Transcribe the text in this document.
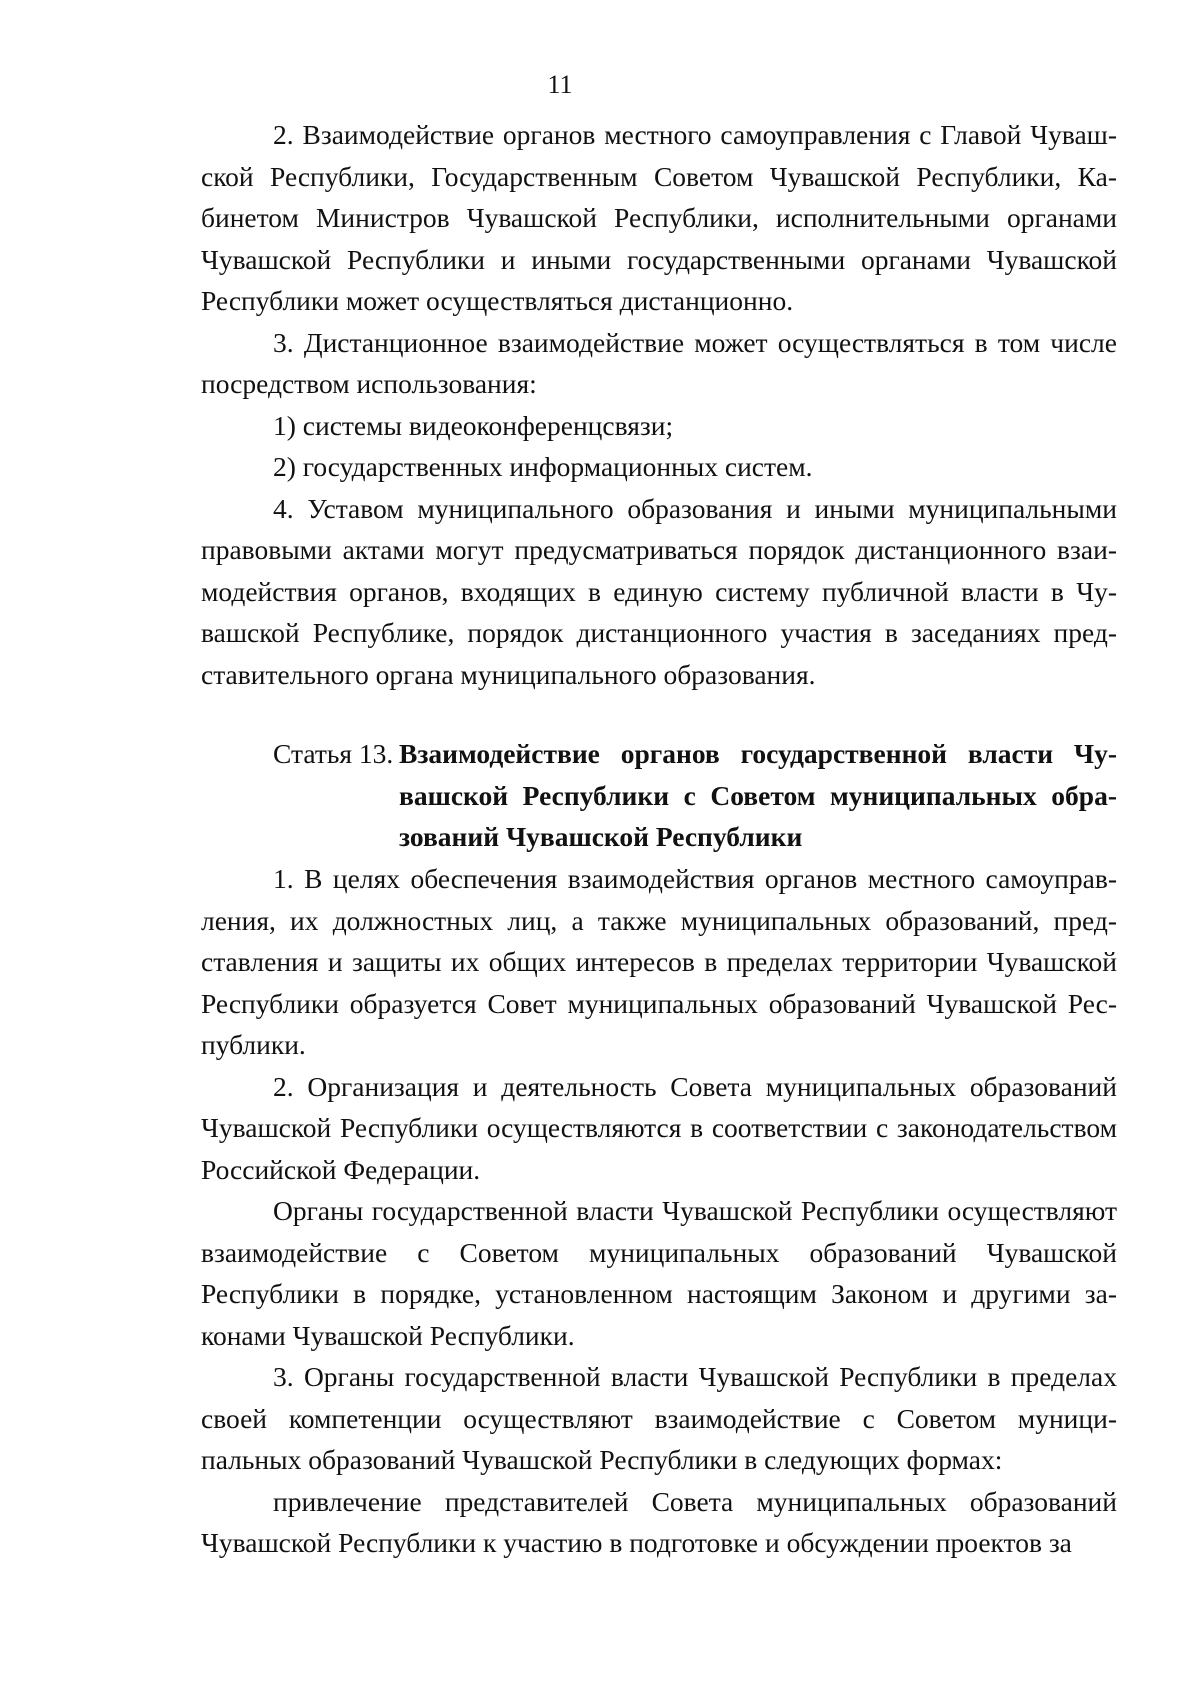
11

2. Взаимодействие органов местного самоуправления с Главой Чувашской Республики, Государственным Советом Чувашской Республики, Кабинетом Министров Чувашской Республики, исполнительными органами Чувашской Республики и иными государственными органами Чувашской Республики может осуществляться дистанционно.

3. Дистанционное взаимодействие может осуществляться в том числе посредством использования:

1) системы видеоконференцсвязи;

2) государственных информационных систем.

4. Уставом муниципального образования и иными муниципальными правовыми актами могут предусматриваться порядок дистанционного взаимодействия органов, входящих в единую систему публичной власти в Чувашской Республике, порядок дистанционного участия в заседаниях представительного органа муниципального образования.

Статья 13. Взаимодействие органов государственной власти Чувашской Республики с Советом муниципальных образований Чувашской Республики

1. В целях обеспечения взаимодействия органов местного самоуправления, их должностных лиц, а также муниципальных образований, представления и защиты их общих интересов в пределах территории Чувашской Республики образуется Совет муниципальных образований Чувашской Республики.

2. Организация и деятельность Совета муниципальных образований Чувашской Республики осуществляются в соответствии с законодательством Российской Федерации.

Органы государственной власти Чувашской Республики осуществляют взаимодействие с Советом муниципальных образований Чувашской Республики в порядке, установленном настоящим Законом и другими законами Чувашской Республики.

3. Органы государственной власти Чувашской Республики в пределах своей компетенции осуществляют взаимодействие с Советом муниципальных образований Чувашской Республики в следующих формах:

привлечение представителей Совета муниципальных образований Чувашской Республики к участию в подготовке и обсуждении проектов за
